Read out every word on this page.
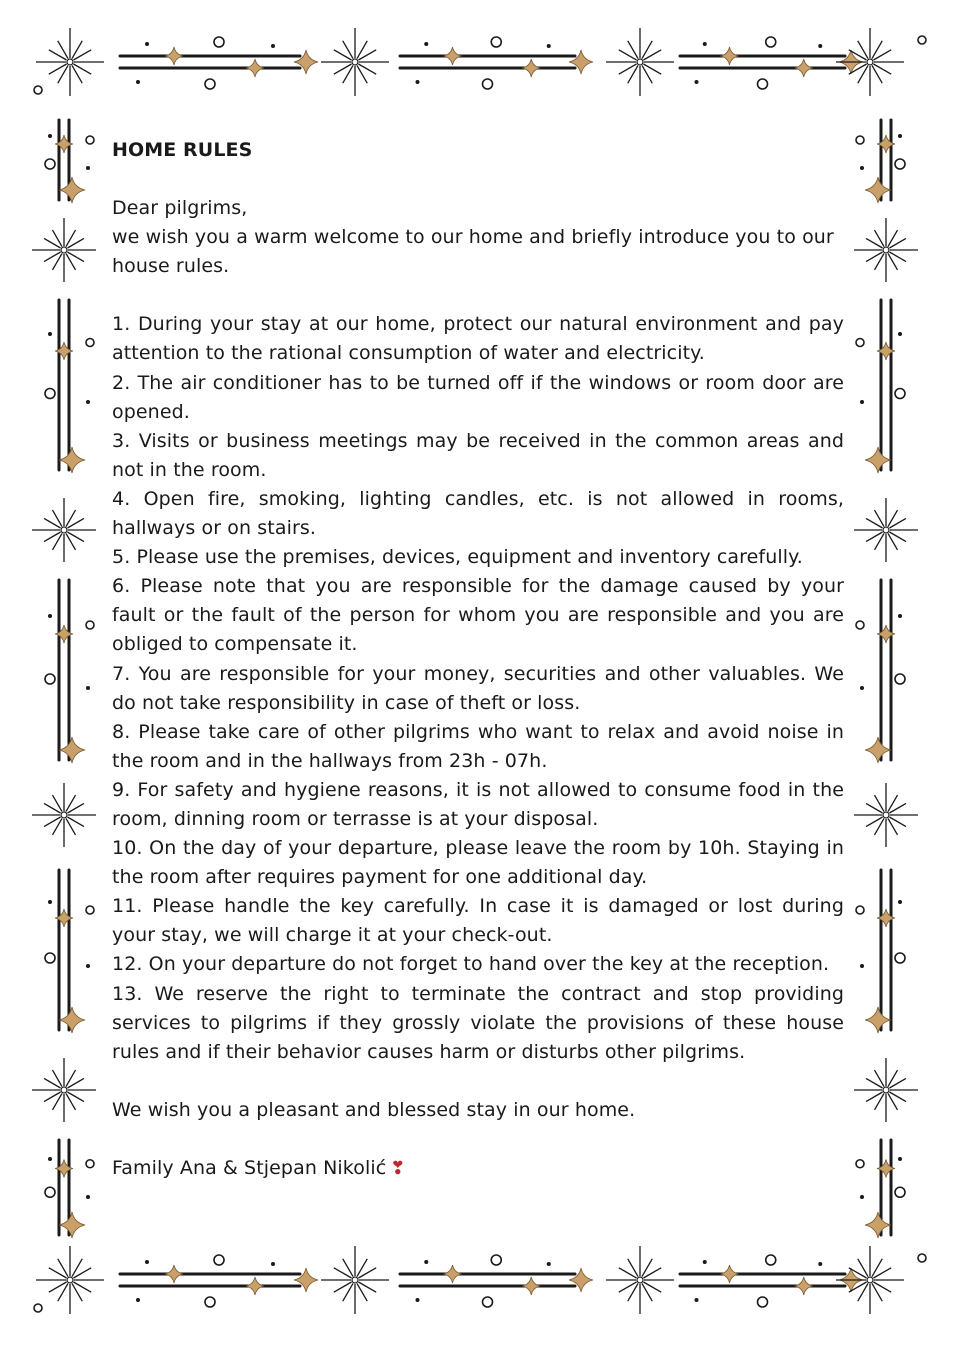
HOME RULES

Dear pilgrims,

we wish you a warm welcome to our home and briefly introduce you to our house rules.

1. During your stay at our home, protect our natural environment and pay attention to the rational consumption of water and electricity.

2. The air conditioner has to be turned off if the windows or room door are opened.

3. Visits or business meetings may be received in the common areas and not in the room.

4. Open fire, smoking, lighting candles, etc. is not allowed in rooms, hallways or on stairs.

5. Please use the premises, devices, equipment and inventory carefully.

6. Please note that you are responsible for the damage caused by your fault or the fault of the person for whom you are responsible and you are obliged to compensate it.

7. You are responsible for your money, securities and other valuables. We do not take responsibility in case of theft or loss.

8. Please take care of other pilgrims who want to relax and avoid noise in the room and in the hallways from 23h - 07h.

9. For safety and hygiene reasons, it is not allowed to consume food in the room, dinning room or terrasse is at your disposal.

10. On the day of your departure, please leave the room by 10h. Staying in the room after requires payment for one additional day.

11. Please handle the key carefully. In case it is damaged or lost during your stay, we will charge it at your check-out.

12. On your departure do not forget to hand over the key at the reception.

13. We reserve the right to terminate the contract and stop providing services to pilgrims if they grossly violate the provisions of these house rules and if their behavior causes harm or disturbs other pilgrims.

We wish you a pleasant and blessed stay in our home.

Family Ana & Stjepan Nikolić ❣
